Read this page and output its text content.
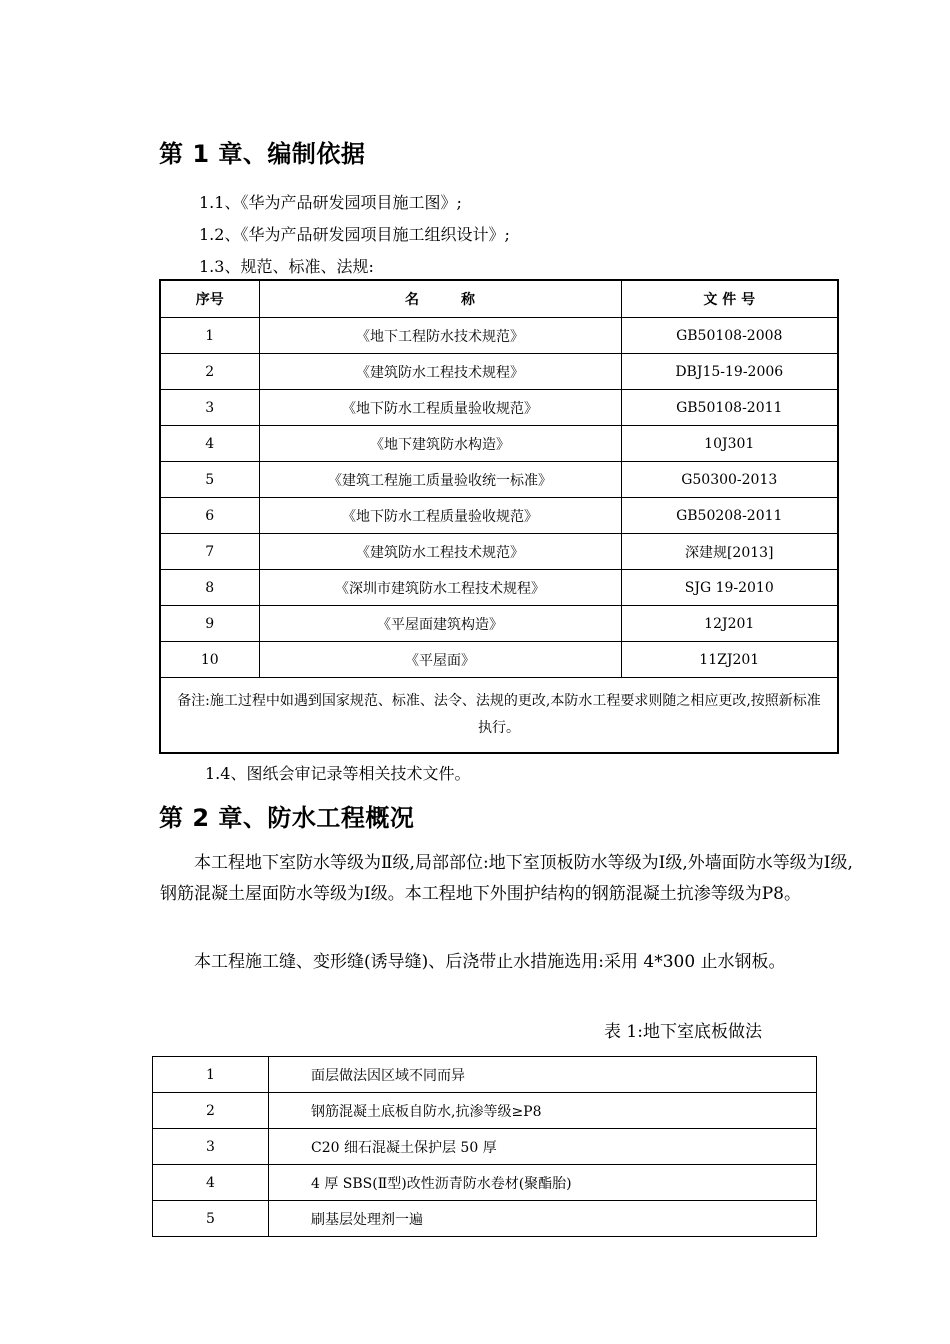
第 1 章、编制依据
1.1、《华为产品研发园项目施工图》;
1.2、《华为产品研发园项目施工组织设计》;
1.3、规范、标准、法规:
序号	名　　　称	文 件 号
1	《地下工程防水技术规范》	GB50108-2008
2	《建筑防水工程技术规程》	DBJ15-19-2006
3	《地下防水工程质量验收规范》	GB50108-2011
4	《地下建筑防水构造》	10J301
5	《建筑工程施工质量验收统一标准》	G50300-2013
6	《地下防水工程质量验收规范》	GB50208-2011
7	《建筑防水工程技术规范》	深建规[2013]
8	《深圳市建筑防水工程技术规程》	SJG 19-2010
9	《平屋面建筑构造》	12J201
10	《平屋面》	11ZJ201
备注:施工过程中如遇到国家规范、标准、法令、法规的更改,本防水工程要求则随之相应更改,按照新标准执行。		
1.4、图纸会审记录等相关技术文件。
第 2 章、防水工程概况
本工程地下室防水等级为Ⅱ级,局部部位:地下室顶板防水等级为Ⅰ级,外墙面防水等级为Ⅰ级,钢筋混凝土屋面防水等级为Ⅰ级。本工程地下外围护结构的钢筋混凝土抗渗等级为P8。
本工程施工缝、变形缝(诱导缝)、后浇带止水措施选用:采用 4*300 止水钢板。
表 1:地下室底板做法
1	面层做法因区域不同而异
2	钢筋混凝土底板自防水,抗渗等级≥P8
3	C20 细石混凝土保护层 50 厚
4	4 厚 SBS(Ⅱ型)改性沥青防水卷材(聚酯胎)
5	刷基层处理剂一遍
